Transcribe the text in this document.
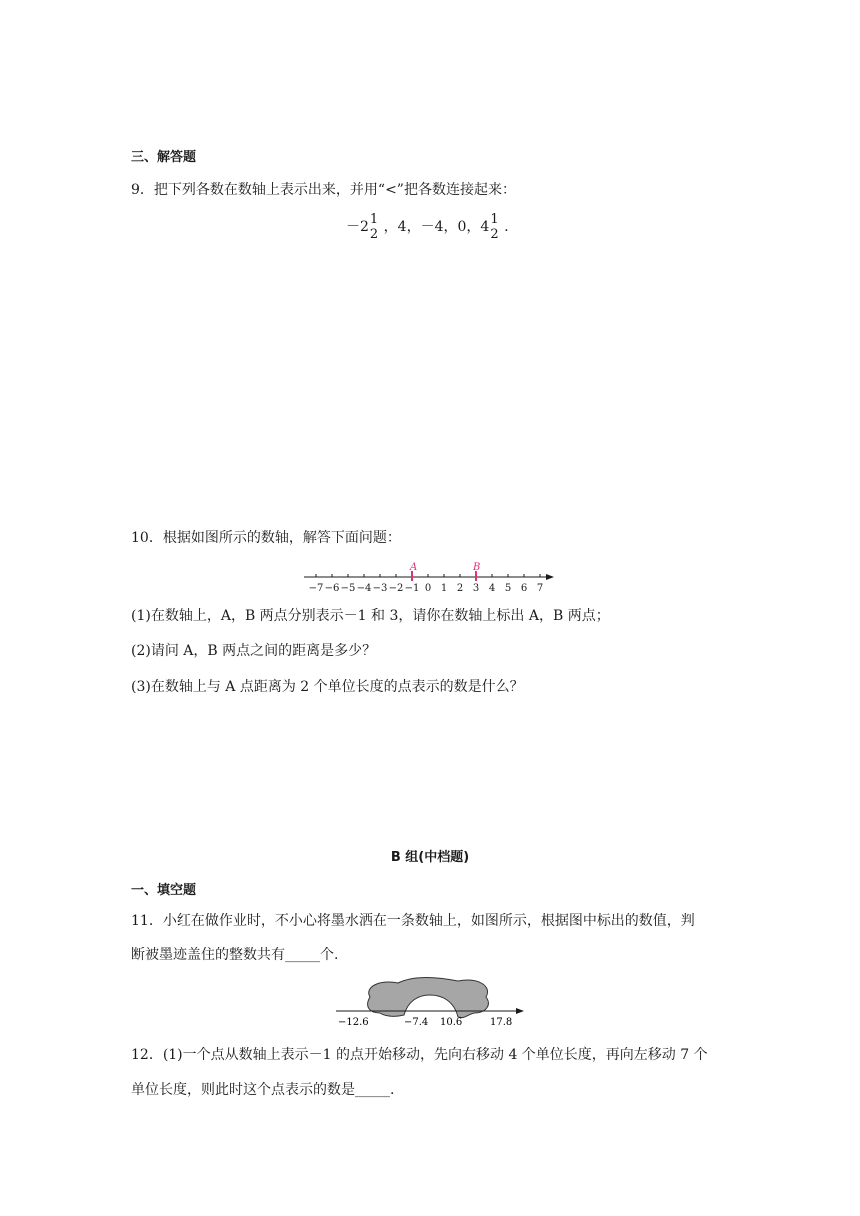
三、解答题
9．把下列各数在数轴上表示出来，并用“<”把各数连接起来：
－2 1
2 ，4，－4，0，4 1
2 .
10．根据如图所示的数轴，解答下面问题：
−7 −6 −5 −4 −3 −2 −1 0 1 2 3 4 5 6 7
A	B
(1)在数轴上，A，B 两点分别表示－1 和 3，请你在数轴上标出 A，B 两点；
(2)请问 A，B 两点之间的距离是多少？
(3)在数轴上与 A 点距离为 2 个单位长度的点表示的数是什么？
B 组(中档题)
一、填空题
11．小红在做作业时，不小心将墨水洒在一条数轴上，如图所示，根据图中标出的数值，判
断被墨迹盖住的整数共有_____个.
−12.6	−7.4 10.6	17.8
12．(1)一个点从数轴上表示－1 的点开始移动，先向右移动 4 个单位长度，再向左移动 7 个
单位长度，则此时这个点表示的数是_____.
